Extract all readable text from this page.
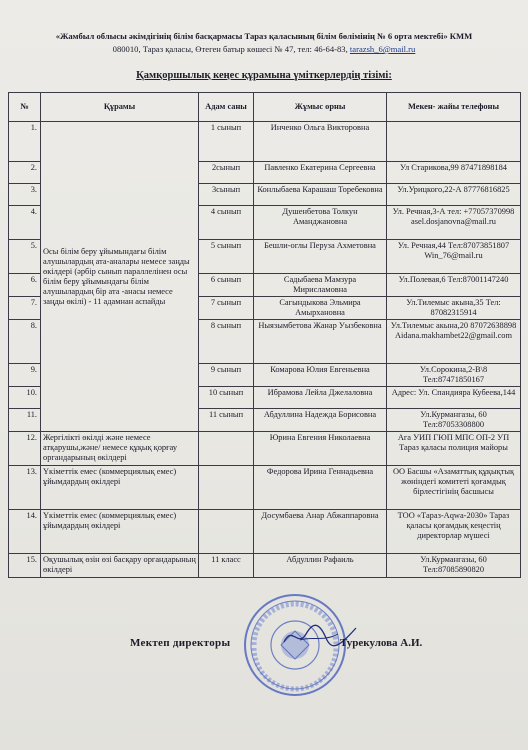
«Жамбыл облысы әкімдігінің білім басқармасы Тараз қаласының білім бөлімінің № 6 орта мектебі» КММ
080010, Тараз қаласы, Өтеген батыр көшесі № 47, тел: 46-64-83, tarazsh_6@mail.ru
Қамқоршылық кеңес құрамына үміткерлердің тізімі:
№	Құрамы	Адам саны	Жұмыс орны	Мекен- жайы телефоны
1.	Осы білім беру ұйымындағы білім алушылардың ата-аналары немесе заңды өкілдері (әрбір сынып параллелінен осы білім беру ұйымындағы білім алушылардың бір ата -анасы немесе заңды өкілі) - 11 адамнан аспайды	1 сынып	Инченко Ольга Викторовна	
2.		2сынып	Павленко Екатерина Сергеевна	Ул Старикова,99 87471898184
3.		3сынып	Конлыбаева Карашаш Торебековна	Ул.Урицкого,22-А 87776816825
4.		4 сынып	Душенбетова Толкун Аманджановна	Ул. Речная,3-А тел: +77057370998 asel.dosjanovna@mail.ru
5.		5 сынып	Бешли-оглы Перуза Ахметовна	Ул. Речная,44 Тел:87073851807 Win_76@mail.ru
6.		6 сынып	Садыбаева Мамзура Мирисламовна	Ул.Полевая,6 Тел:87001147240
7.		7 сынып	Сагындыкова Эльмира Амырхановна	Ул.Тилемыс акына,35 Тел: 87082315914
8.		8 сынып	Ныязымбетова Жанар Уызбековна	Ул.Тилемыс акына,20 87072638898 Aidana.makhambet22@gmail.com
9.		9 сынып	Комарова Юлия Евгеньевна	Ул.Сорокина,2-В\8 Тел:87471850167
10.		10 сынып	Ибрамова Лейла Джелаловна	Адрес: Ул. Спандияра Кубеева,144
11.		11 сынып	Абдуллина Надежда Борисовна	Ул.Курмангазы, 60 Тел:87053308800
12.	Жергілікті өкілді және немесе атқарушы,және/ немесе құқық қорғау органдарының өкілдері		Юрина Евгения Николаевна	Ага УИП ГЮП МПС ОП-2 УП Тараз қаласы полиция майоры
13.	Үкіметтік емес (коммерциялық емес) ұйымдардың өкілдері		Федорова Ирина Геннадьевна	ОО Басшы «Азаматтық құқықтық жөніндегі комитеті қоғамдық бірлестігінің басшысы
14.	Үкіметтік емес (коммерциялық емес) ұйымдардың өкілдері		Досумбаева Анар Абжаппаровна	ТОО «Тараз-Aqwa-2030» Тараз қаласы қоғамдық кеңестің директорлар мүшесі
15.	Оқушылық өзін өзі басқару органдарының өкілдері	11 класс	Абдуллин Рафаиль	Ул.Курмангазы, 60 Тел:87085890820
Мектеп директоры	Турекулова А.И.
